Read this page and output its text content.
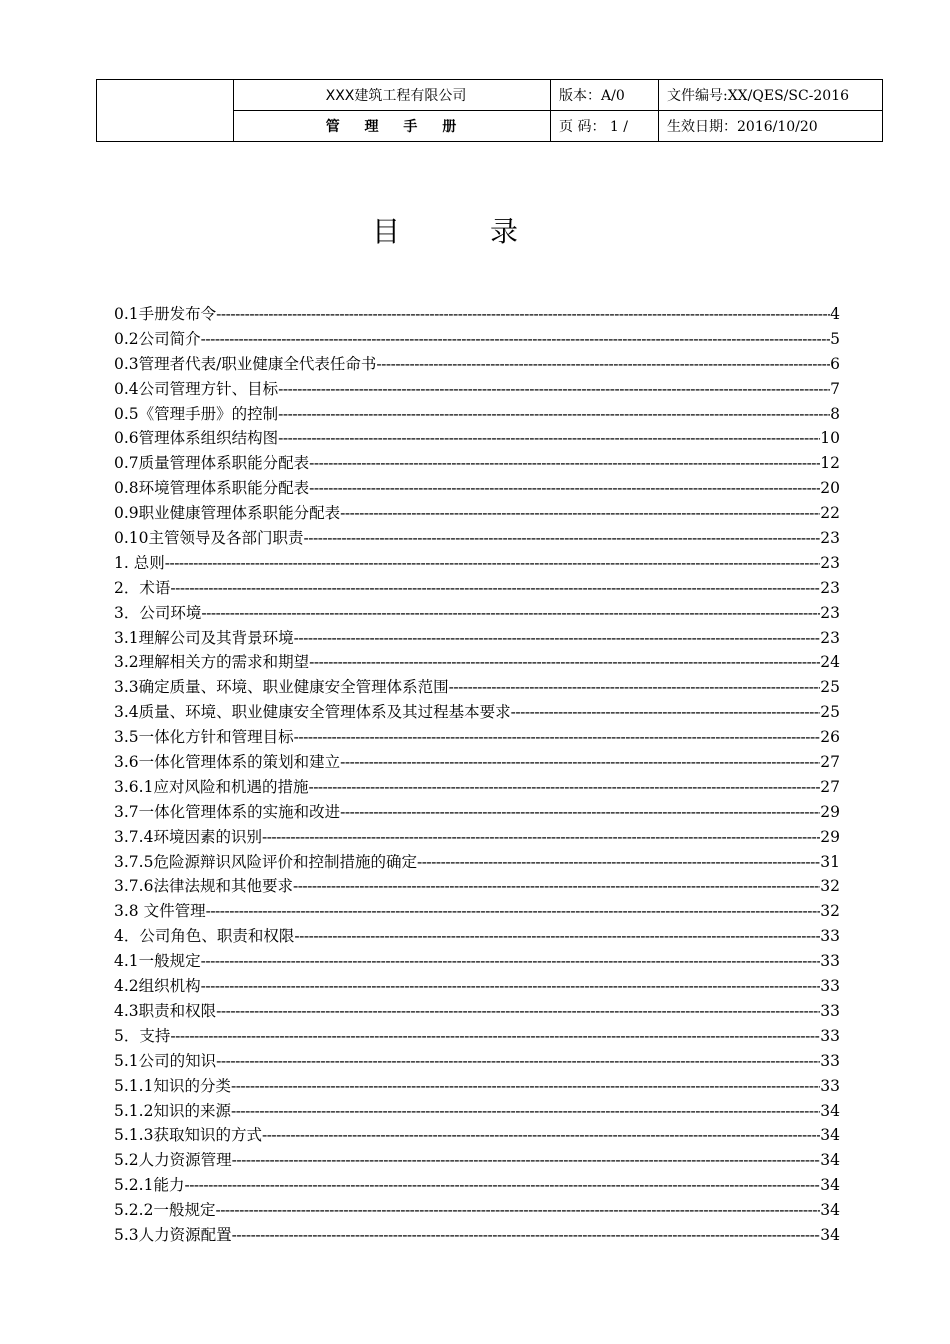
	XXX建筑工程有限公司	版本：A/0	文件编号:XX/QES/SC-2016
	管 理 手 册	页 码： 1 /	生效日期：2016/10/20
目录
0.1手册发布令 -----	4
0.2公司简介 -----	5
0.3管理者代表/职业健康全代表任命书 -----	6
0.4公司管理方针、目标 -----	7
0.5《管理手册》的控制 -----	8
0.6管理体系组织结构图 -----	10
0.7质量管理体系职能分配表 -----	12
0.8环境管理体系职能分配表 -----	20
0.9职业健康管理体系职能分配表 -----	22
0.10主管领导及各部门职责 -----	23
1. 总则 -----	23
2．术语 -----	23
3．公司环境 -----	23
3.1理解公司及其背景环境 -----	23
3.2理解相关方的需求和期望 -----	24
3.3确定质量、环境、职业健康安全管理体系范围 -----	25
3.4质量、环境、职业健康安全管理体系及其过程基本要求 -----	25
3.5一体化方针和管理目标 -----	26
3.6一体化管理体系的策划和建立 -----	27
3.6.1应对风险和机遇的措施 -----	27
3.7一体化管理体系的实施和改进 -----	29
3.7.4环境因素的识别 -----	29
3.7.5危险源辩识风险评价和控制措施的确定 -----	31
3.7.6法律法规和其他要求 -----	32
3.8 文件管理 -----	32
4．公司角色、职责和权限 -----	33
4.1一般规定 -----	33
4.2组织机构 -----	33
4.3职责和权限 -----	33
5．支持 -----	33
5.1公司的知识 -----	33
5.1.1知识的分类 -----	33
5.1.2知识的来源 -----	34
5.1.3获取知识的方式 -----	34
5.2人力资源管理 -----	34
5.2.1能力 -----	34
5.2.2一般规定 -----	34
5.3人力资源配置 -----	34
